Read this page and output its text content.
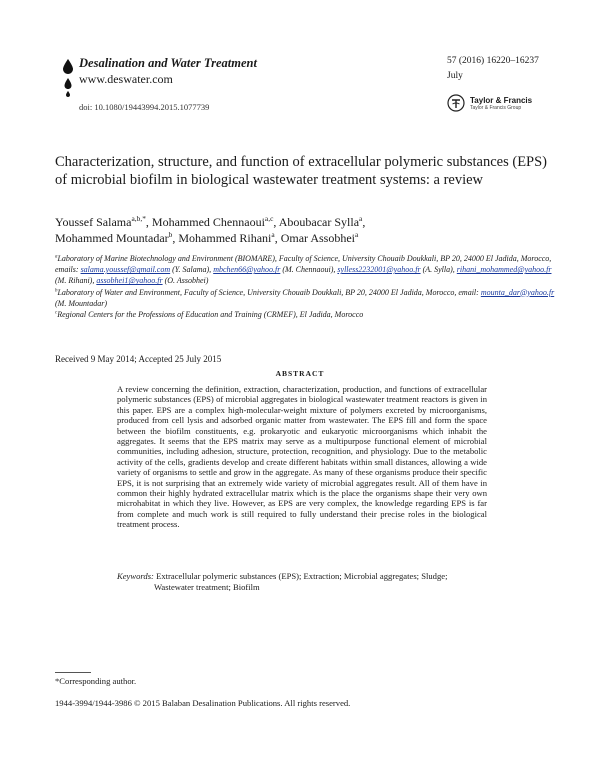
Desalination and Water Treatment
www.deswater.com
doi: 10.1080/19443994.2015.1077739
57 (2016) 16220–16237
July
Taylor & Francis
Taylor & Francis Group
Characterization, structure, and function of extracellular polymeric substances (EPS) of microbial biofilm in biological wastewater treatment systems: a review
Youssef Salama$^{a,b,*}$, Mohammed Chennaoui$^{a,c}$, Aboubacar Sylla$^a$,
Mohammed Mountadar$^b$, Mohammed Rihani$^a$, Omar Assobhei$^a$
$^a$Laboratory of Marine Biotechnology and Environment (BIOMARE), Faculty of Science, University Chouaib Doukkali, BP 20, 24000 El Jadida, Morocco, emails: salama.youssef@gmail.com (Y. Salama), mbchen66@yahoo.fr (M. Chennaoui), sylless2232001@yahoo.fr (A. Sylla), rihani_mohammed@yahoo.fr (M. Rihani), assobhei1@yahoo.fr (O. Assobhei)
$^b$Laboratory of Water and Environment, Faculty of Science, University Chouaib Doukkali, BP 20, 24000 El Jadida, Morocco, email: mounta_dar@yahoo.fr (M. Mountadar)
$^c$Regional Centers for the Professions of Education and Training (CRMEF), El Jadida, Morocco
Received 9 May 2014; Accepted 25 July 2015
ABSTRACT
A review concerning the definition, extraction, characterization, production, and functions of extracellular polymeric substances (EPS) of microbial aggregates in biological wastewater treatment reactors is given in this paper. EPS are a complex high-molecular-weight mixture of polymers excreted by microorganisms, produced from cell lysis and adsorbed organic matter from wastewater. The EPS fill and form the space between the biofilm constituents, e.g. prokaryotic and eukaryotic microorganisms which inhabit the aggregates. It seems that the EPS matrix may serve as a multipurpose functional element of microbial communities, including adhesion, structure, protection, recognition, and physiology. Due to the metabolic activity of the cells, gradients develop and create different habitats within small distances, allowing a wide variety of organisms to settle and grow in the aggregate. As many of these organisms produce their specific EPS, it is not surprising that an extremely wide variety of microbial aggregates result. All of them have in common their highly hydrated extracellular matrix which is the place the organisms shape their very own microhabitat in which they live. However, as EPS are very complex, the knowledge regarding EPS is far from complete and much work is still required to fully understand their precise roles in the biological treatment process.
Keywords: Extracellular polymeric substances (EPS); Extraction; Microbial aggregates; Sludge;
Wastewater treatment; Biofilm
*Corresponding author.
1944-3994/1944-3986 © 2015 Balaban Desalination Publications. All rights reserved.
